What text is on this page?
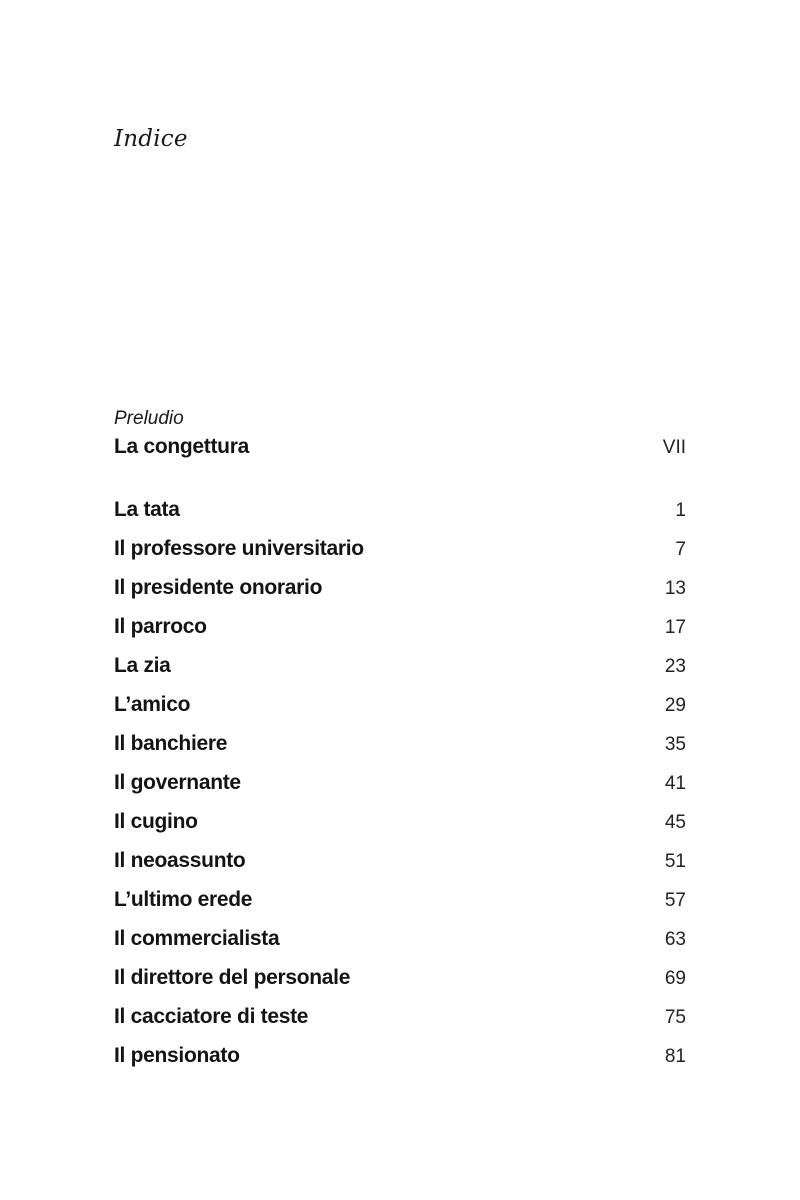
Indice
Preludio
La congettura	VII
La tata	1
Il professore universitario	7
Il presidente onorario	13
Il parroco	17
La zia	23
L’amico	29
Il banchiere	35
Il governante	41
Il cugino	45
Il neoassunto	51
L’ultimo erede	57
Il commercialista	63
Il direttore del personale	69
Il cacciatore di teste	75
Il pensionato	81
